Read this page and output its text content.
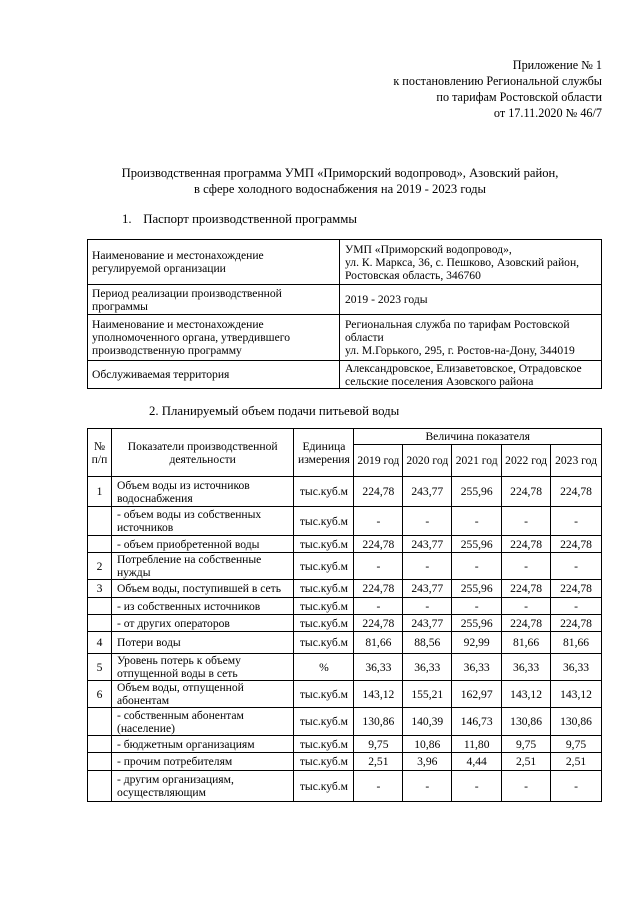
Приложение № 1
к постановлению Региональной службы
по тарифам Ростовской области
от 17.11.2020 № 46/7
Производственная программа УМП «Приморский водопровод», Азовский район,
в сфере холодного водоснабжения на 2019 - 2023 годы
1. Паспорт производственной программы
Наименование и местонахождение регулируемой организации	УМП «Приморский водопровод»,
ул. К. Маркса, 36, с. Пешково, Азовский район,
Ростовская область, 346760

Период реализации производственной программы	2019 - 2023 годы

Наименование и местонахождение уполномоченного органа, утвердившего производственную программу	Региональная служба по тарифам Ростовской области
ул. М.Горького, 295, г. Ростов-на-Дону, 344019

Обслуживаемая территория	Александровское, Елизаветовское, Отрадовское сельские поселения Азовского района
2. Планируемый объем подачи питьевой воды
№ п/п	Показатели производственной деятельности	Единица измерения	Величина показателя				
			2019 год	2020 год	2021 год	2022 год	2023 год
1	Объем воды из источников водоснабжения	тыс.куб.м	224,78	243,77	255,96	224,78	224,78
	- объем воды из собственных источников	тыс.куб.м	-	-	-	-	-
	- объем приобретенной воды	тыс.куб.м	224,78	243,77	255,96	224,78	224,78
2	Потребление на собственные нужды	тыс.куб.м	-	-	-	-	-
3	Объем воды, поступившей в сеть	тыс.куб.м	224,78	243,77	255,96	224,78	224,78
	- из собственных источников	тыс.куб.м	-	-	-	-	-
	- от других операторов	тыс.куб.м	224,78	243,77	255,96	224,78	224,78
4	Потери воды	тыс.куб.м	81,66	88,56	92,99	81,66	81,66
5	Уровень потерь к объему отпущенной воды в сеть	%	36,33	36,33	36,33	36,33	36,33
6	Объем воды, отпущенной абонентам	тыс.куб.м	143,12	155,21	162,97	143,12	143,12
	- собственным абонентам (население)	тыс.куб.м	130,86	140,39	146,73	130,86	130,86
	- бюджетным организациям	тыс.куб.м	9,75	10,86	11,80	9,75	9,75
	- прочим потребителям	тыс.куб.м	2,51	3,96	4,44	2,51	2,51
	- другим организациям, осуществляющим	тыс.куб.м	-	-	-	-	-
